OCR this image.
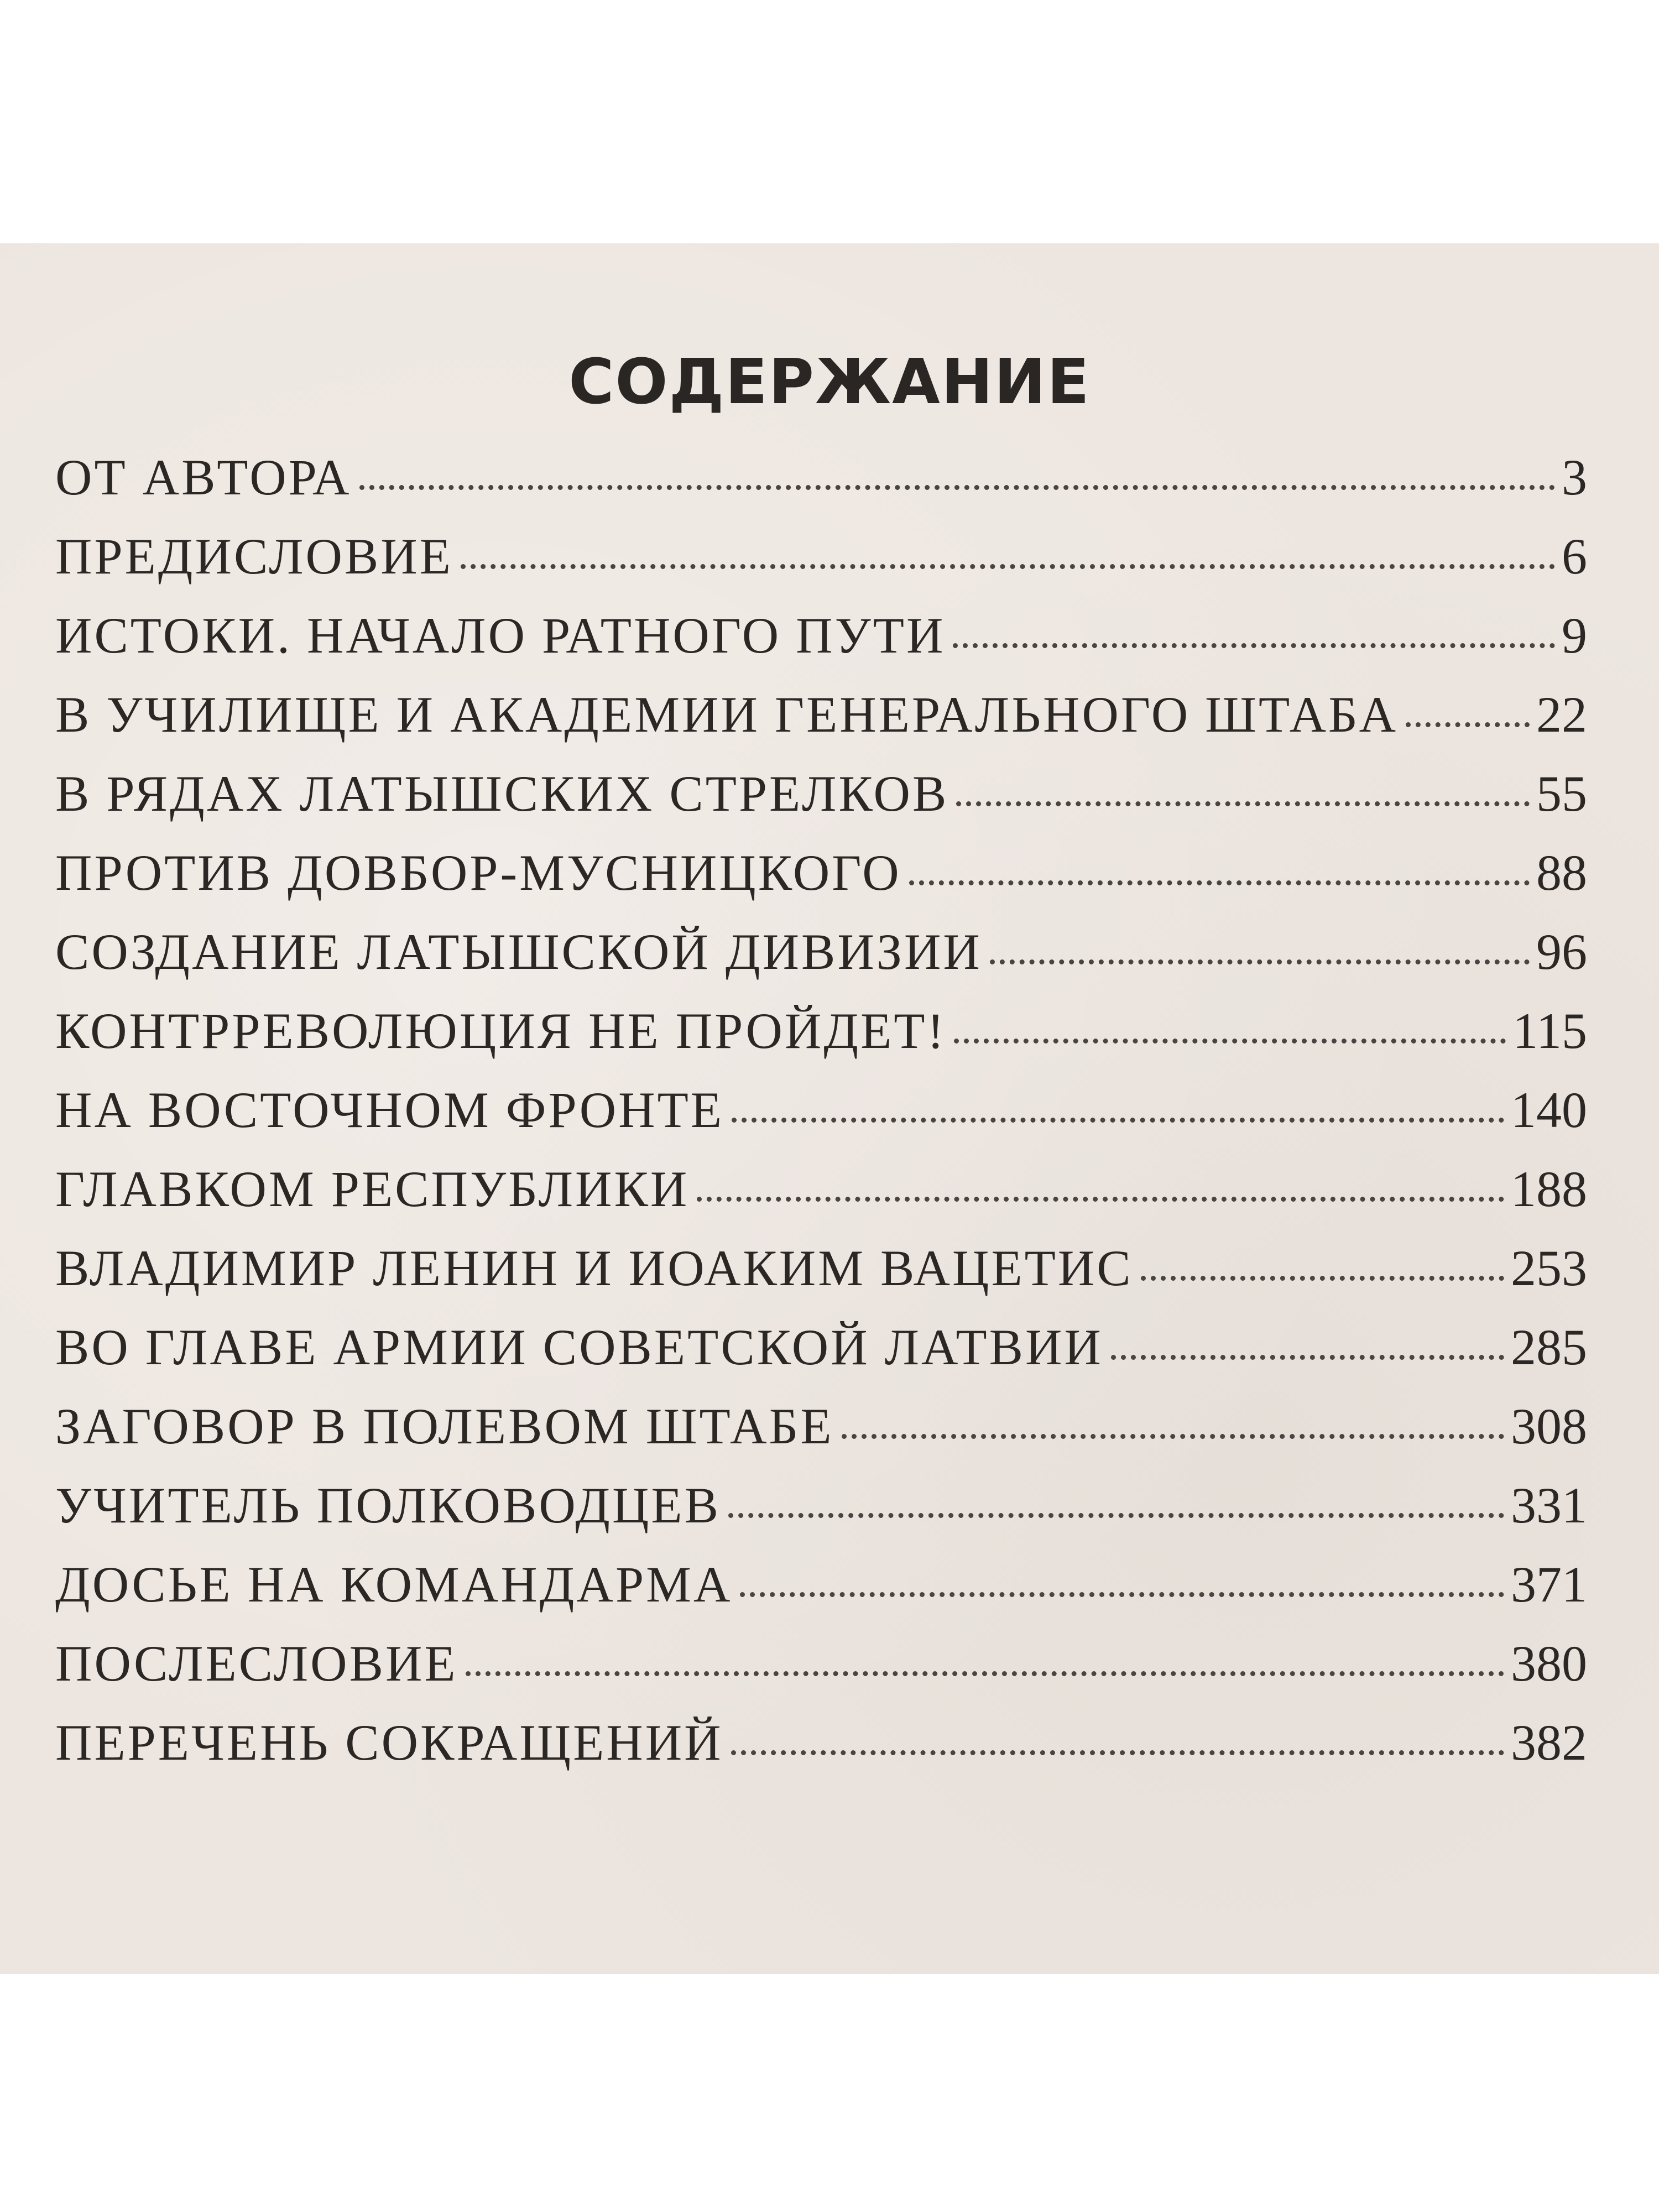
СОДЕРЖАНИЕ
ОТ АВТОРА	3
ПРЕДИСЛОВИЕ	6
ИСТОКИ. НАЧАЛО РАТНОГО ПУТИ	9
В УЧИЛИЩЕ И АКАДЕМИИ ГЕНЕРАЛЬНОГО ШТАБА	22
В РЯДАХ ЛАТЫШСКИХ СТРЕЛКОВ	55
ПРОТИВ ДОВБОР-МУСНИЦКОГО	88
СОЗДАНИЕ ЛАТЫШСКОЙ ДИВИЗИИ	96
КОНТРРЕВОЛЮЦИЯ НЕ ПРОЙДЕТ!	115
НА ВОСТОЧНОМ ФРОНТЕ	140
ГЛАВКОМ РЕСПУБЛИКИ	188
ВЛАДИМИР ЛЕНИН И ИОАКИМ ВАЦЕТИС	253
ВО ГЛАВЕ АРМИИ СОВЕТСКОЙ ЛАТВИИ	285
ЗАГОВОР В ПОЛЕВОМ ШТАБЕ	308
УЧИТЕЛЬ ПОЛКОВОДЦЕВ	331
ДОСЬЕ НА КОМАНДАРМА	371
ПОСЛЕСЛОВИЕ	380
ПЕРЕЧЕНЬ СОКРАЩЕНИЙ	382
